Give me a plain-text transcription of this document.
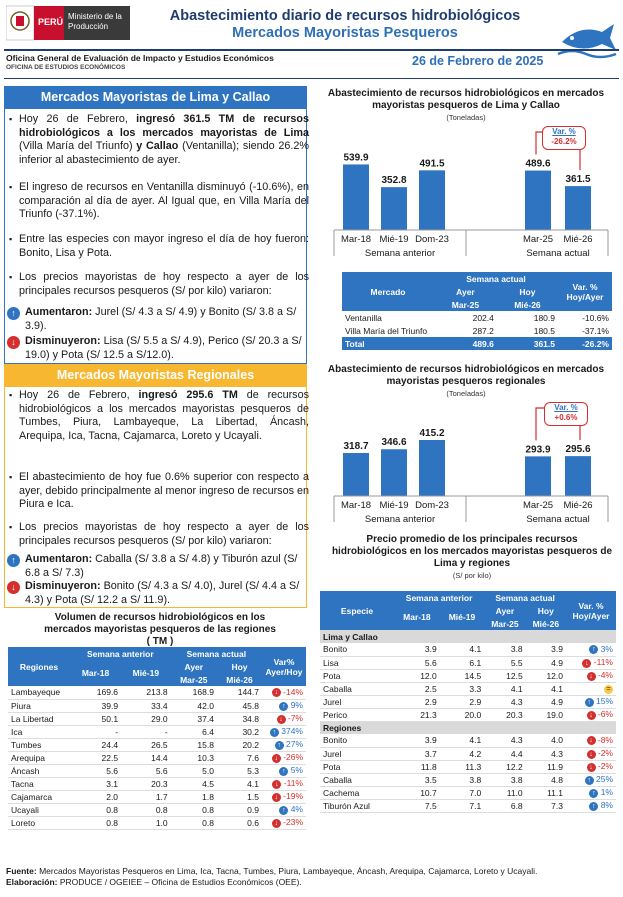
PERÚ
Ministerio de la Producción
Abastecimiento diario de recursos hidrobiológicos
Mercados Mayoristas Pesqueros
Oficina General de Evaluación de Impacto y Estudios Económicos
OFICINA DE ESTUDIOS ECONÓMICOS	26 de Febrero de 2025
Mercados Mayoristas de Lima y Callao
▪ Hoy 26 de Febrero, ingresó 361.5 TM de recursos hidrobiológicos a los mercados mayoristas de Lima (Villa María del Triunfo) y Callao (Ventanilla); siendo 26.2% inferior al abastecimiento de ayer.
▪ El ingreso de recursos en Ventanilla disminuyó (-10.6%), en comparación al día de ayer. Al Igual que, en Villa María del Triunfo (-37.1%).
▪ Entre las especies con mayor ingreso el día de hoy fueron: Bonito, Lisa y Pota.
▪ Los precios mayoristas de hoy respecto a ayer de los principales recursos pesqueros (S/ por kilo) variaron:
↑ Aumentaron: Jurel (S/ 4.3 a S/ 4.9) y Bonito (S/ 3.8 a S/ 3.9).
↓ Disminuyeron: Lisa (S/ 5.5 a S/ 4.9), Perico (S/ 20.3 a S/ 19.0) y Pota (S/ 12.5 a S/12.0).
Mercados Mayoristas Regionales
▪ Hoy 26 de Febrero, ingresó 295.6 TM de recursos hidrobiológicos a los mercados mayoristas pesqueros de Tumbes, Piura, Lambayeque, La Libertad, Áncash, Arequipa, Ica, Tacna, Cajamarca, Loreto y Ucayali.
▪ El abastecimiento de hoy fue 0.6% superior con respecto a ayer, debido principalmente al menor ingreso de recursos en Piura e Ica.
▪ Los precios mayoristas de hoy respecto a ayer de los principales recursos pesqueros (S/ por kilo) variaron:
↑ Aumentaron: Caballa (S/ 3.8 a S/ 4.8) y Tiburón azul (S/ 6.8 a S/ 7.3)
↓ Disminuyeron: Bonito (S/ 4.3 a S/ 4.0), Jurel (S/ 4.4 a S/ 4.3) y Pota (S/ 12.2 a S/ 11.9).
Volumen de recursos hidrobiológicos en los mercados mayoristas pesqueros de las regiones
( TM )
Regiones	Semana anterior		Semana actual		Var% Ayer/Hoy
	Mar-18	Mié-19	Ayer	Hoy	
			Mar-25	Mié-26	
Lambayeque	169.6	213.8	168.9	144.7	↓ -14%
Piura	39.9	33.4	42.0	45.8	↑ 9%
La Libertad	50.1	29.0	37.4	34.8	↓ -7%
Ica	-	-	6.4	30.2	↑ 374%
Tumbes	24.4	26.5	15.8	20.2	↑ 27%
Arequipa	22.5	14.4	10.3	7.6	↓ -26%
Áncash	5.6	5.6	5.0	5.3	↑ 5%
Tacna	3.1	20.3	4.5	4.1	↓ -11%
Cajamarca	2.0	1.7	1.8	1.5	↓ -19%
Ucayali	0.8	0.8	0.8	0.9	↑ 4%
Loreto	0.8	1.0	0.8	0.6	↓ -23%
Abastecimiento de recursos hidrobiológicos en mercados mayoristas pesqueros de Lima y Callao
(Toneladas)
539.9
Mar-18
352.8
Mié-19
491.5
Dom-23
489.6
Mar-25
361.5
Mié-26
Semana anterior	Semana actual
Var. %
-26.2%
Mercado	Semana actual		Var. % Hoy/Ayer
	Ayer	Hoy	
	Mar-25	Mié-26	
Ventanilla	202.4	180.9	-10.6%
Villa María del Triunfo	287.2	180.5	-37.1%
Total	489.6	361.5	-26.2%
Abastecimiento de recursos hidrobiológicos en mercados mayoristas pesqueros regionales
(Toneladas)
318.7
Mar-18
346.6
Mié-19
415.2
Dom-23
293.9
Mar-25
295.6
Mié-26
Semana anterior	Semana actual
Var. %
+0.6%
Precio promedio de los principales recursos hidrobiológicos en los mercados mayoristas pesqueros de Lima y regiones
(S/ por kilo)
Especie	Semana anterior		Semana actual		Var. % Hoy/Ayer
	Mar-18	Mié-19	Ayer	Hoy	
			Mar-25	Mié-26	
Lima y Callao					
Bonito	3.9	4.1	3.8	3.9	↑ 3%
Lisa	5.6	6.1	5.5	4.9	↓ -11%
Pota	12.0	14.5	12.5	12.0	↓ -4%
Caballa	2.5	3.3	4.1	4.1	=
Jurel	2.9	2.9	4.3	4.9	↑ 15%
Perico	21.3	20.0	20.3	19.0	↓ -6%
Regiones					
Bonito	3.9	4.1	4.3	4.0	↓ -8%
Jurel	3.7	4.2	4.4	4.3	↓ -2%
Pota	11.8	11.3	12.2	11.9	↓ -2%
Caballa	3.5	3.8	3.8	4.8	↑ 25%
Cachema	10.7	7.0	11.0	11.1	↑ 1%
Tiburón Azul	7.5	7.1	6.8	7.3	↑ 8%
Fuente: Mercados Mayoristas Pesqueros en Lima, Ica, Tacna, Tumbes, Piura, Lambayeque, Áncash, Arequipa, Cajamarca, Loreto y Ucayali.
Elaboración: PRODUCE / OGEIEE – Oficina de Estudios Económicos (OEE).
